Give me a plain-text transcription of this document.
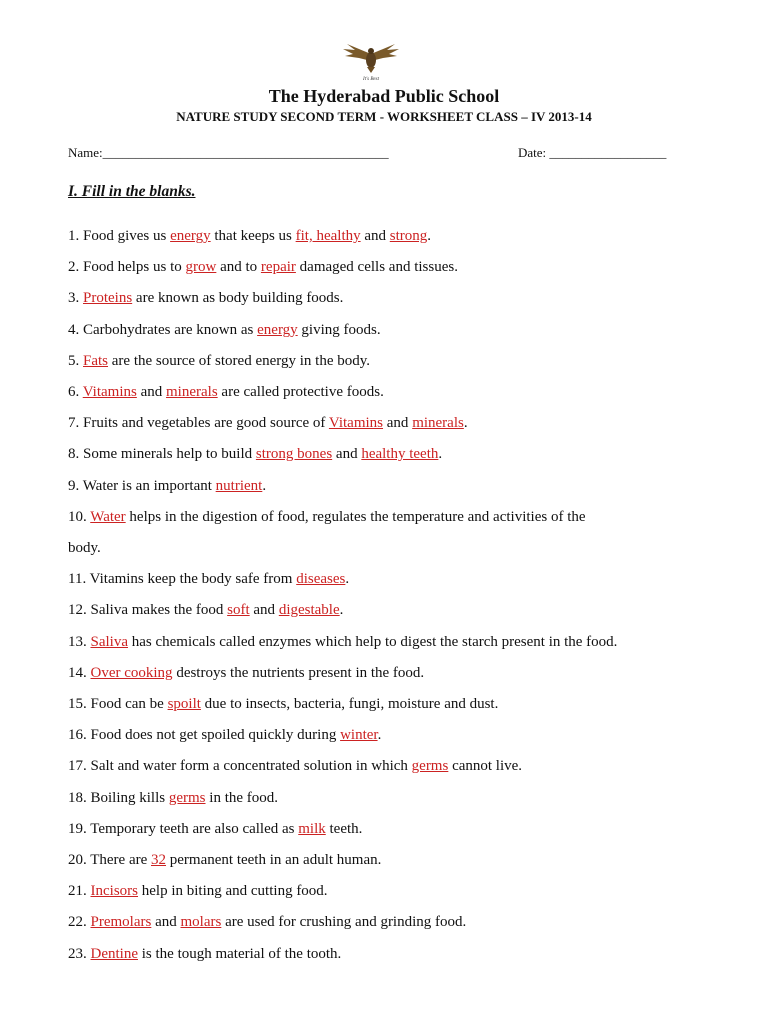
It's Best
The Hyderabad Public School
NATURE STUDY SECOND TERM - WORKSHEET CLASS – IV 2013-14
Name:____________________________________________	Date: __________________
I. Fill in the blanks.
1. Food gives us energy that keeps us fit, healthy and strong.
2. Food helps us to grow and to repair damaged cells and tissues.
3. Proteins are known as body building foods.
4. Carbohydrates are known as energy giving foods.
5. Fats are the source of stored energy in the body.
6. Vitamins and minerals are called protective foods.
7. Fruits and vegetables are good source of Vitamins and minerals.
8. Some minerals help to build strong bones and healthy teeth.
9. Water is an important nutrient.
10. Water helps in the digestion of food, regulates the temperature and activities of the
body.
11. Vitamins keep the body safe from diseases.
12. Saliva makes the food soft and digestable.
13. Saliva has chemicals called enzymes which help to digest the starch present in the food.
14. Over cooking destroys the nutrients present in the food.
15. Food can be spoilt due to insects, bacteria, fungi, moisture and dust.
16. Food does not get spoiled quickly during winter.
17. Salt and water form a concentrated solution in which germs cannot live.
18. Boiling kills germs in the food.
19. Temporary teeth are also called as milk teeth.
20. There are 32 permanent teeth in an adult human.
21. Incisors help in biting and cutting food.
22. Premolars and molars are used for crushing and grinding food.
23. Dentine is the tough material of the tooth.
